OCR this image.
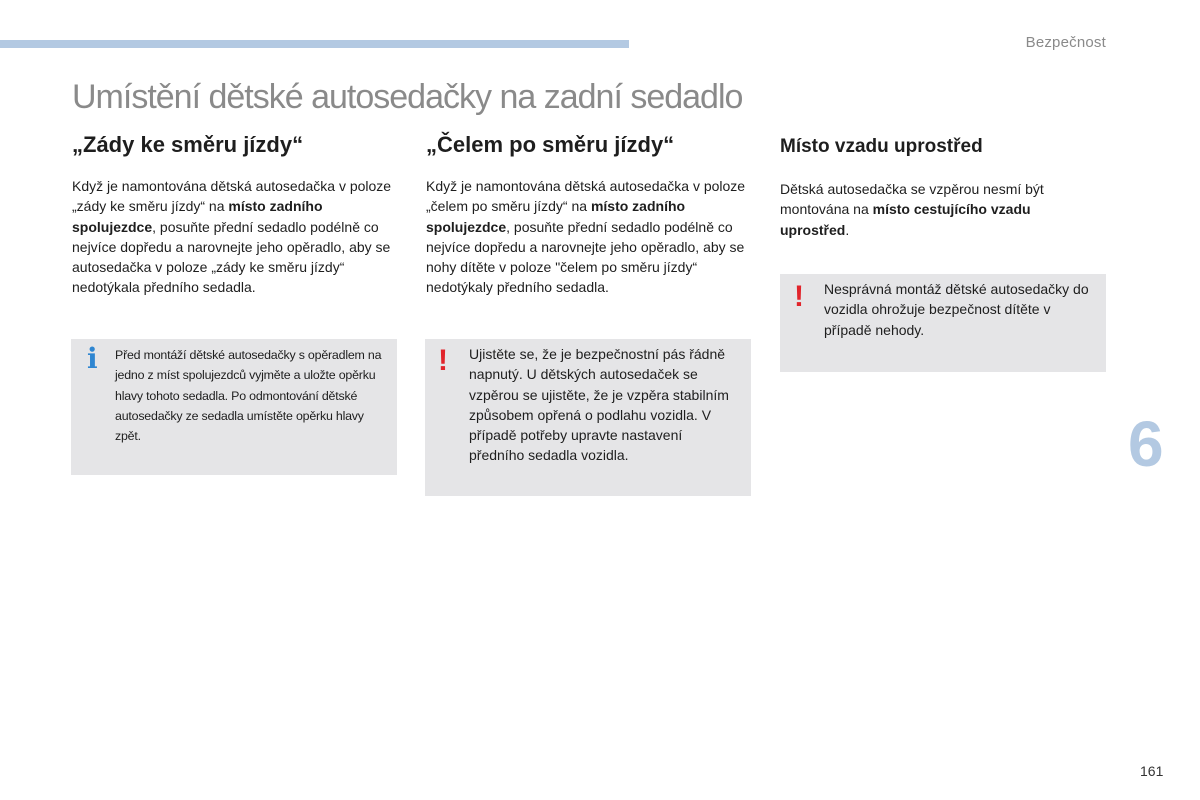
Bezpečnost
Umístění dětské autosedačky na zadní sedadlo
„Zády ke směru jízdy“

Když je namontována dětská autosedačka v poloze „zády ke směru jízdy“ na místo zadního spolujezdce, posuňte přední sedadlo podélně co nejvíce dopředu a narovnejte jeho opěradlo, aby se autosedačka v poloze „zády ke směru jízdy“ nedotýkala předního sedadla.

i Před montáží dětské autosedačky s opěradlem na jedno z míst spolujezdců vyjměte a uložte opěrku hlavy tohoto sedadla. Po odmontování dětské autosedačky ze sedadla umístěte opěrku hlavy zpět.
„Čelem po směru jízdy“

Když je namontována dětská autosedačka v poloze „čelem po směru jízdy“ na místo zadního spolujezdce, posuňte přední sedadlo podélně co nejvíce dopředu a narovnejte jeho opěradlo, aby se nohy dítěte v poloze "čelem po směru jízdy“ nedotýkaly předního sedadla.

! Ujistěte se, že je bezpečnostní pás řádně napnutý. U dětských autosedaček se vzpěrou se ujistěte, že je vzpěra stabilním způsobem opřená o podlahu vozidla. V případě potřeby upravte nastavení předního sedadla vozidla.
Místo vzadu uprostřed

Dětská autosedačka se vzpěrou nesmí být montována na místo cestujícího vzadu uprostřed.

! Nesprávná montáž dětské autosedačky do vozidla ohrožuje bezpečnost dítěte v případě nehody.
6
161
